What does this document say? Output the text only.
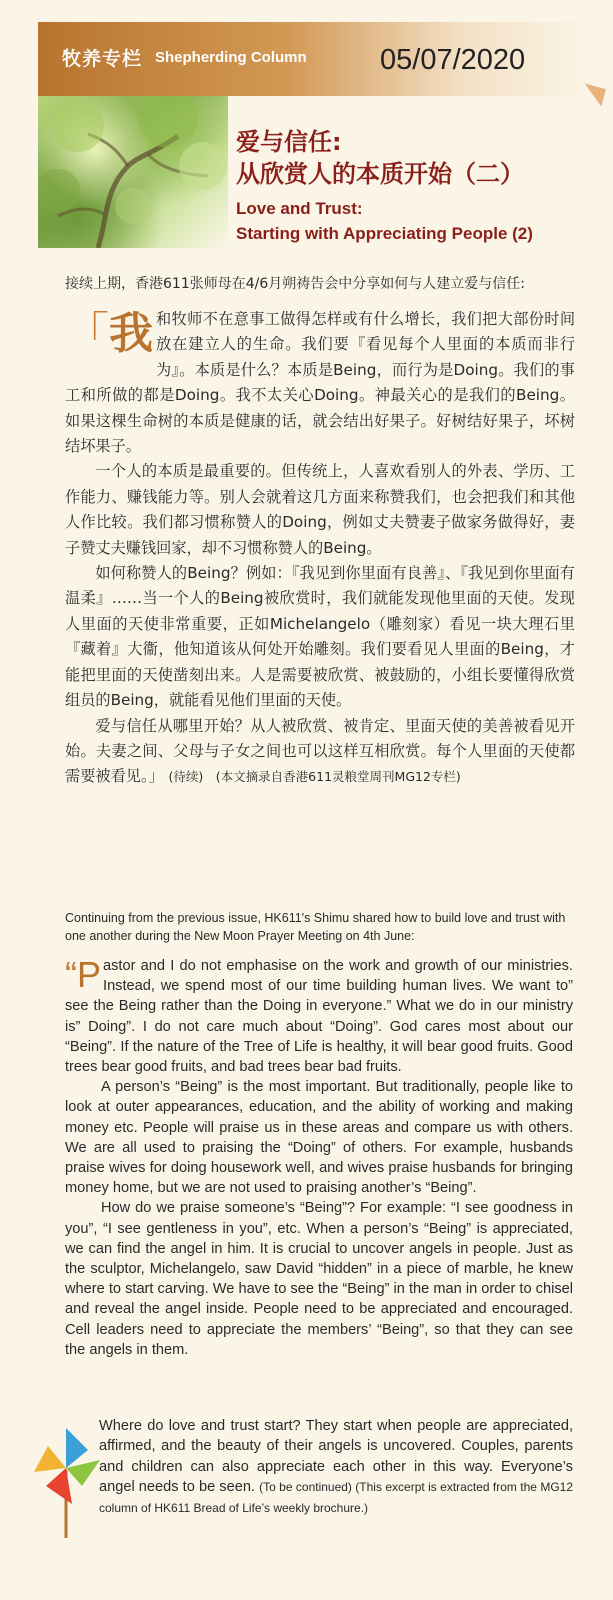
牧养专栏 Shepherding Column	05/07/2020
爱与信任:
从欣赏人的本质开始（二）
Love and Trust:
Starting with Appreciating People (2)
接续上期，香港611张师母在4/6月朔祷告会中分享如何与人建立爱与信任:

「我 和牧师不在意事工做得怎样或有什么增长，我们把大部份时间放在建立人的生命。我们要『看见每个人里面的本质而非行为』。本质是什么？本质是Being，而行为是Doing。我们的事工和所做的都是Doing。我不太关心Doing。神最关心的是我们的Being。如果这棵生命树的本质是健康的话，就会结出好果子。好树结好果子，坏树结坏果子。

一个人的本质是最重要的。但传统上，人喜欢看别人的外表、学历、工作能力、赚钱能力等。别人会就着这几方面来称赞我们，也会把我们和其他人作比较。我们都习惯称赞人的Doing，例如丈夫赞妻子做家务做得好，妻子赞丈夫赚钱回家，却不习惯称赞人的Being。

如何称赞人的Being？例如：『我见到你里面有良善』、『我见到你里面有温柔』……当一个人的Being被欣赏时，我们就能发现他里面的天使。发现人里面的天使非常重要，正如Michelangelo（雕刻家）看见一块大理石里『藏着』大衞，他知道该从何处开始雕刻。我们要看见人里面的Being，才能把里面的天使凿刻出来。人是需要被欣赏、被鼓励的，小组长要懂得欣赏组员的Being，就能看见他们里面的天使。

爱与信任从哪里开始？从人被欣赏、被肯定、里面天使的美善被看见开始。夫妻之间、父母与子女之间也可以这样互相欣赏。每个人里面的天使都需要被看见。」 (待续)　(本文摘录自香港611灵粮堂周刊MG12专栏)

Continuing from the previous issue, HK611's Shimu shared how to build love and trust with one another during the New Moon Prayer Meeting on 4th June:

“P astor and I do not emphasise on the work and growth of our ministries. Instead, we spend most of our time building human lives. We want to” see the Being rather than the Doing in everyone.” What we do in our ministry is” Doing”. I do not care much about “Doing”. God cares most about our “Being”. If the nature of the Tree of Life is healthy, it will bear good fruits. Good trees bear good fruits, and bad trees bear bad fruits.

A person’s “Being” is the most important. But traditionally, people like to look at outer appearances, education, and the ability of working and making money etc. People will praise us in these areas and compare us with others. We are all used to praising the “Doing” of others. For example, husbands praise wives for doing housework well, and wives praise husbands for bringing money home, but we are not used to praising another’s “Being”.

How do we praise someone’s “Being”? For example: “I see goodness in you”, “I see gentleness in you”, etc. When a person’s “Being” is appreciated, we can find the angel in him. It is crucial to uncover angels in people. Just as the sculptor, Michelangelo, saw David “hidden” in a piece of marble, he knew where to start carving. We have to see the “Being” in the man in order to chisel and reveal the angel inside. People need to be appreciated and encouraged. Cell leaders need to appreciate the members’ “Being”, so that they can see the angels in them.

Where do love and trust start? They start when people are appreciated, affirmed, and the beauty of their angels is uncovered. Couples, parents and children can also appreciate each other in this way. Everyone’s angel needs to be seen. (To be continued) (This excerpt is extracted from the MG12 column of HK611 Bread of Life’s weekly brochure.)
